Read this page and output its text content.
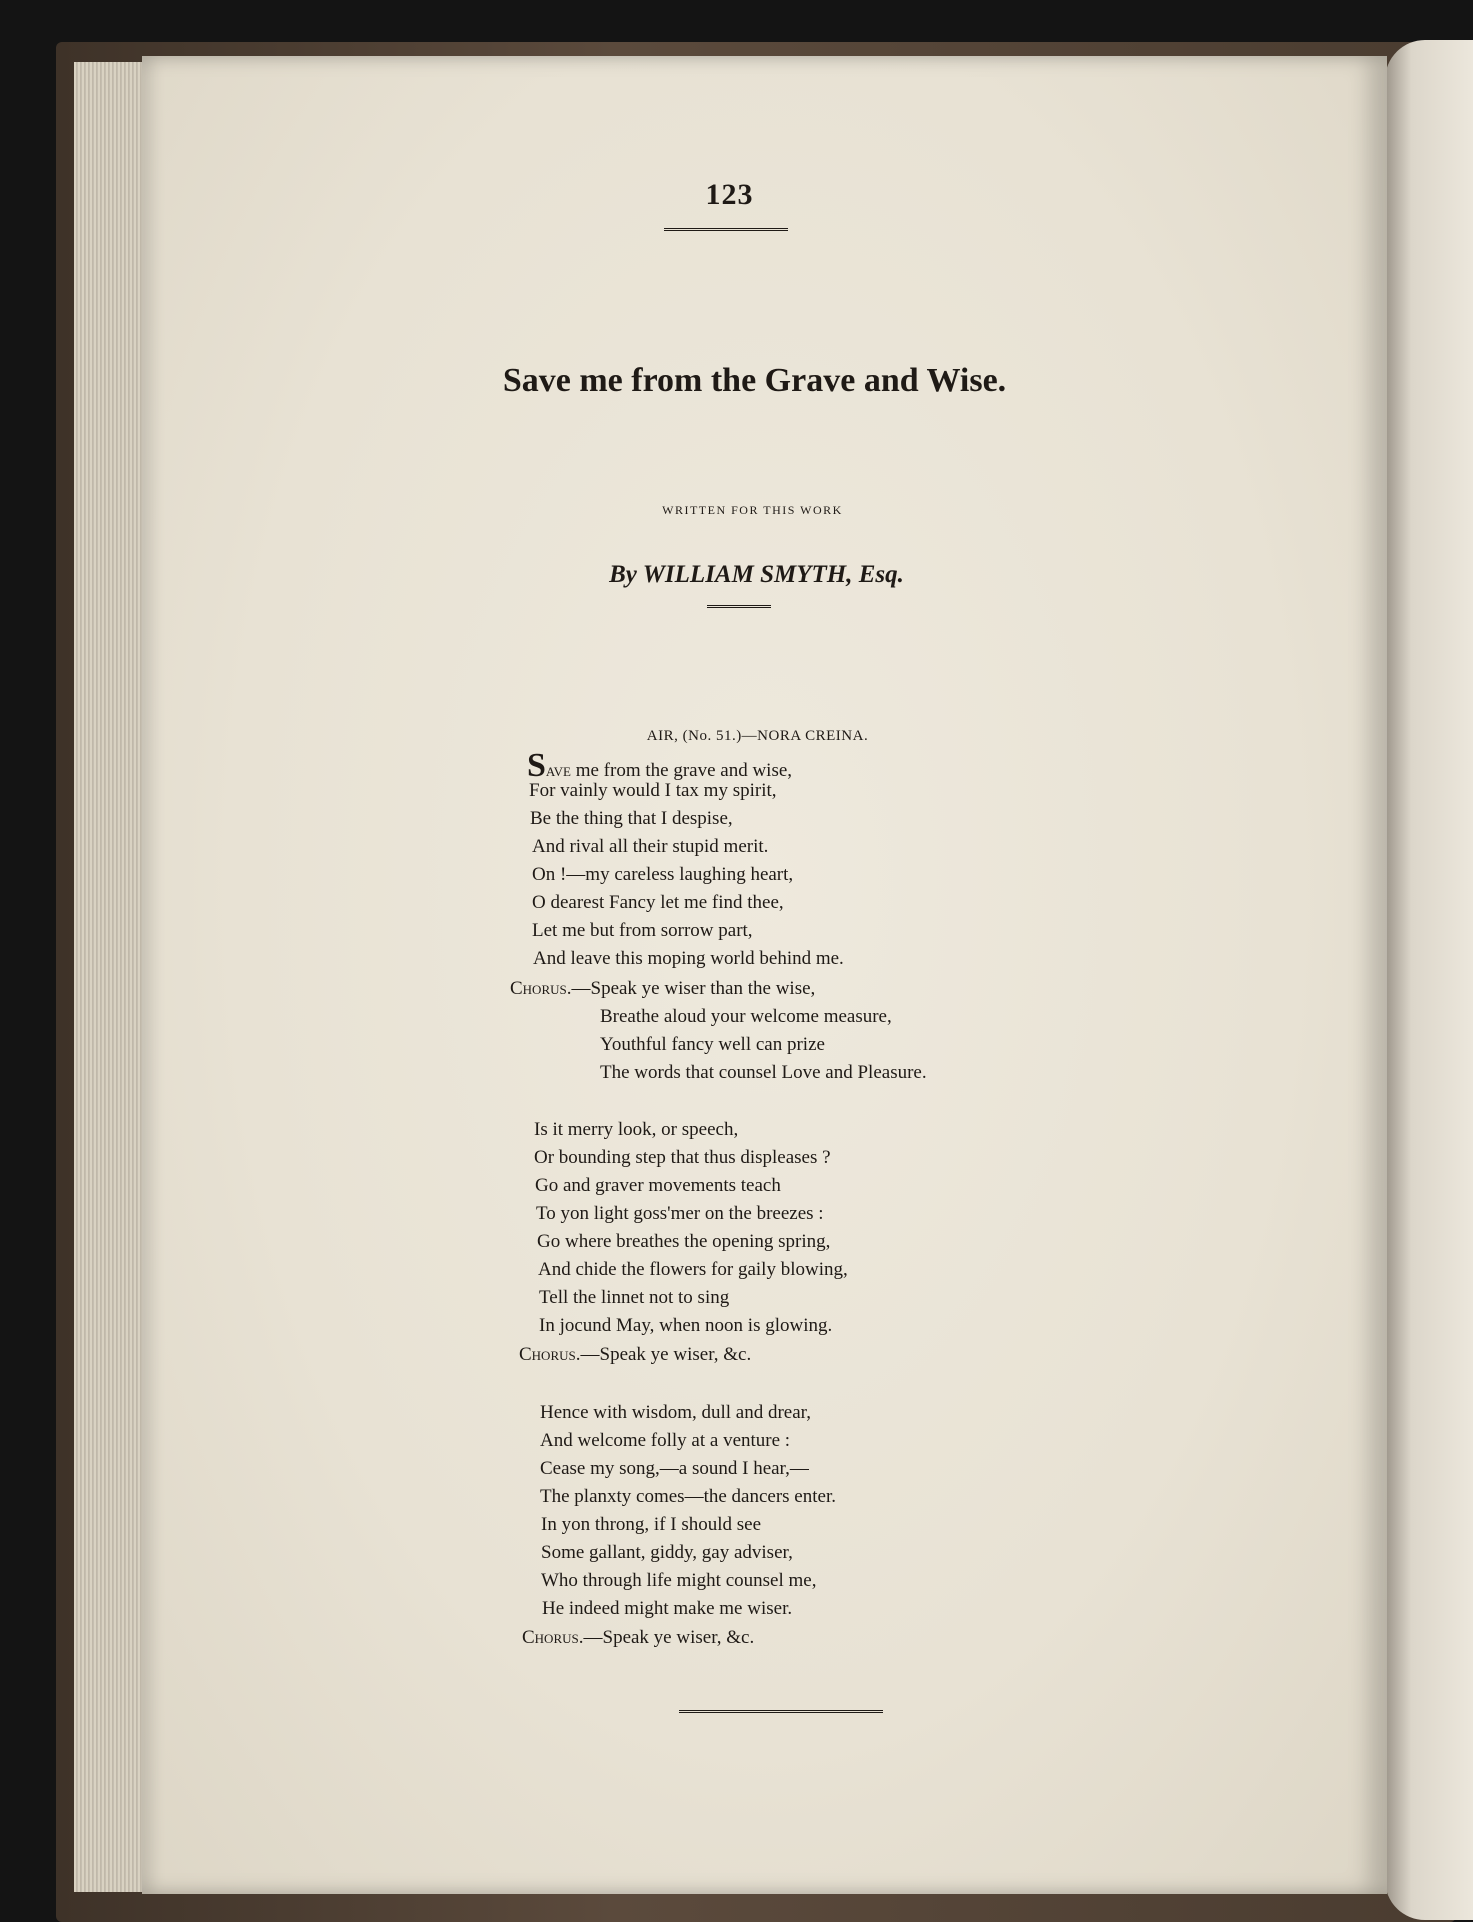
123
Save me from the Grave and Wise.
WRITTEN FOR THIS WORK
By WILLIAM SMYTH, Esq.
AIR, (No. 51.)—NORA CREINA.
Save me from the grave and wise,
For vainly would I tax my spirit,
Be the thing that I despise,
And rival all their stupid merit.
On !—my careless laughing heart,
O dearest Fancy let me find thee,
Let me but from sorrow part,
And leave this moping world behind me.
Chorus.—Speak ye wiser than the wise,
Breathe aloud your welcome measure,
Youthful fancy well can prize
The words that counsel Love and Pleasure.
Is it merry look, or speech,
Or bounding step that thus displeases ?
Go and graver movements teach
To yon light goss'mer on the breezes :
Go where breathes the opening spring,
And chide the flowers for gaily blowing,
Tell the linnet not to sing
In jocund May, when noon is glowing.
Chorus.—Speak ye wiser, &c.
Hence with wisdom, dull and drear,
And welcome folly at a venture :
Cease my song,—a sound I hear,—
The planxty comes—the dancers enter.
In yon throng, if I should see
Some gallant, giddy, gay adviser,
Who through life might counsel me,
He indeed might make me wiser.
Chorus.—Speak ye wiser, &c.
